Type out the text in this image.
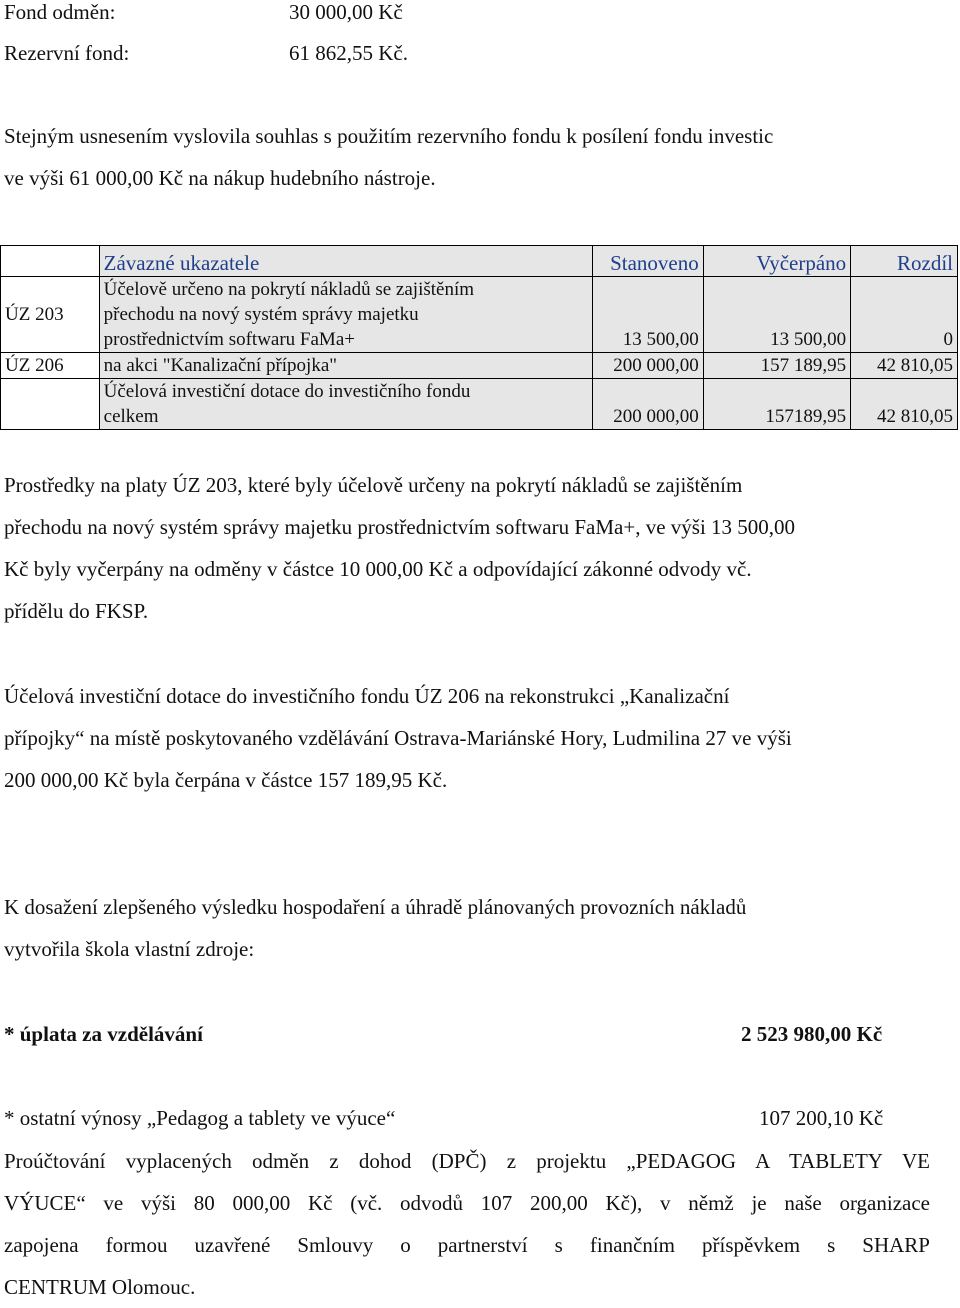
Fond odměn:	30 000,00 Kč
Rezervní fond:	61 862,55 Kč.
Stejným usnesením vyslovila souhlas s použitím rezervního fondu k posílení fondu investic
ve výši 61 000,00 Kč na nákup hudebního nástroje.
	Závazné ukazatele	Stanoveno	Vyčerpáno	Rozdíl
ÚZ 203	Účelově určeno na pokrytí nákladů se zajištěním
přechodu na nový systém správy majetku
prostřednictvím softwaru FaMa+	13 500,00	13 500,00	0
ÚZ 206	na akci "Kanalizační přípojka"	200 000,00	157 189,95	42 810,05

	Účelová investiční dotace do investičního fondu
celkem	200 000,00	157189,95	42 810,05
Prostředky na platy ÚZ 203, které byly účelově určeny na pokrytí nákladů se zajištěním
přechodu na nový systém správy majetku prostřednictvím softwaru FaMa+, ve výši 13 500,00
Kč byly vyčerpány na odměny v částce 10 000,00 Kč a odpovídající zákonné odvody vč.
přídělu do FKSP.
Účelová investiční dotace do investičního fondu ÚZ 206 na rekonstrukci „Kanalizační
přípojky“ na místě poskytovaného vzdělávání Ostrava-Mariánské Hory, Ludmilina 27 ve výši
200 000,00 Kč byla čerpána v částce 157 189,95 Kč.
K dosažení zlepšeného výsledku hospodaření a úhradě plánovaných provozních nákladů
vytvořila škola vlastní zdroje:
* úplata za vzdělávání	2 523 980,00 Kč
* ostatní výnosy „Pedagog a tablety ve výuce“	107 200,10 Kč
Proúčtování vyplacených odměn z dohod (DPČ) z projektu „PEDAGOG A TABLETY VE
VÝUCE“ ve výši 80 000,00 Kč (vč. odvodů 107 200,00 Kč), v němž je naše organizace
zapojena formou uzavřené Smlouvy o partnerství s finančním příspěvkem s SHARP
CENTRUM Olomouc.
